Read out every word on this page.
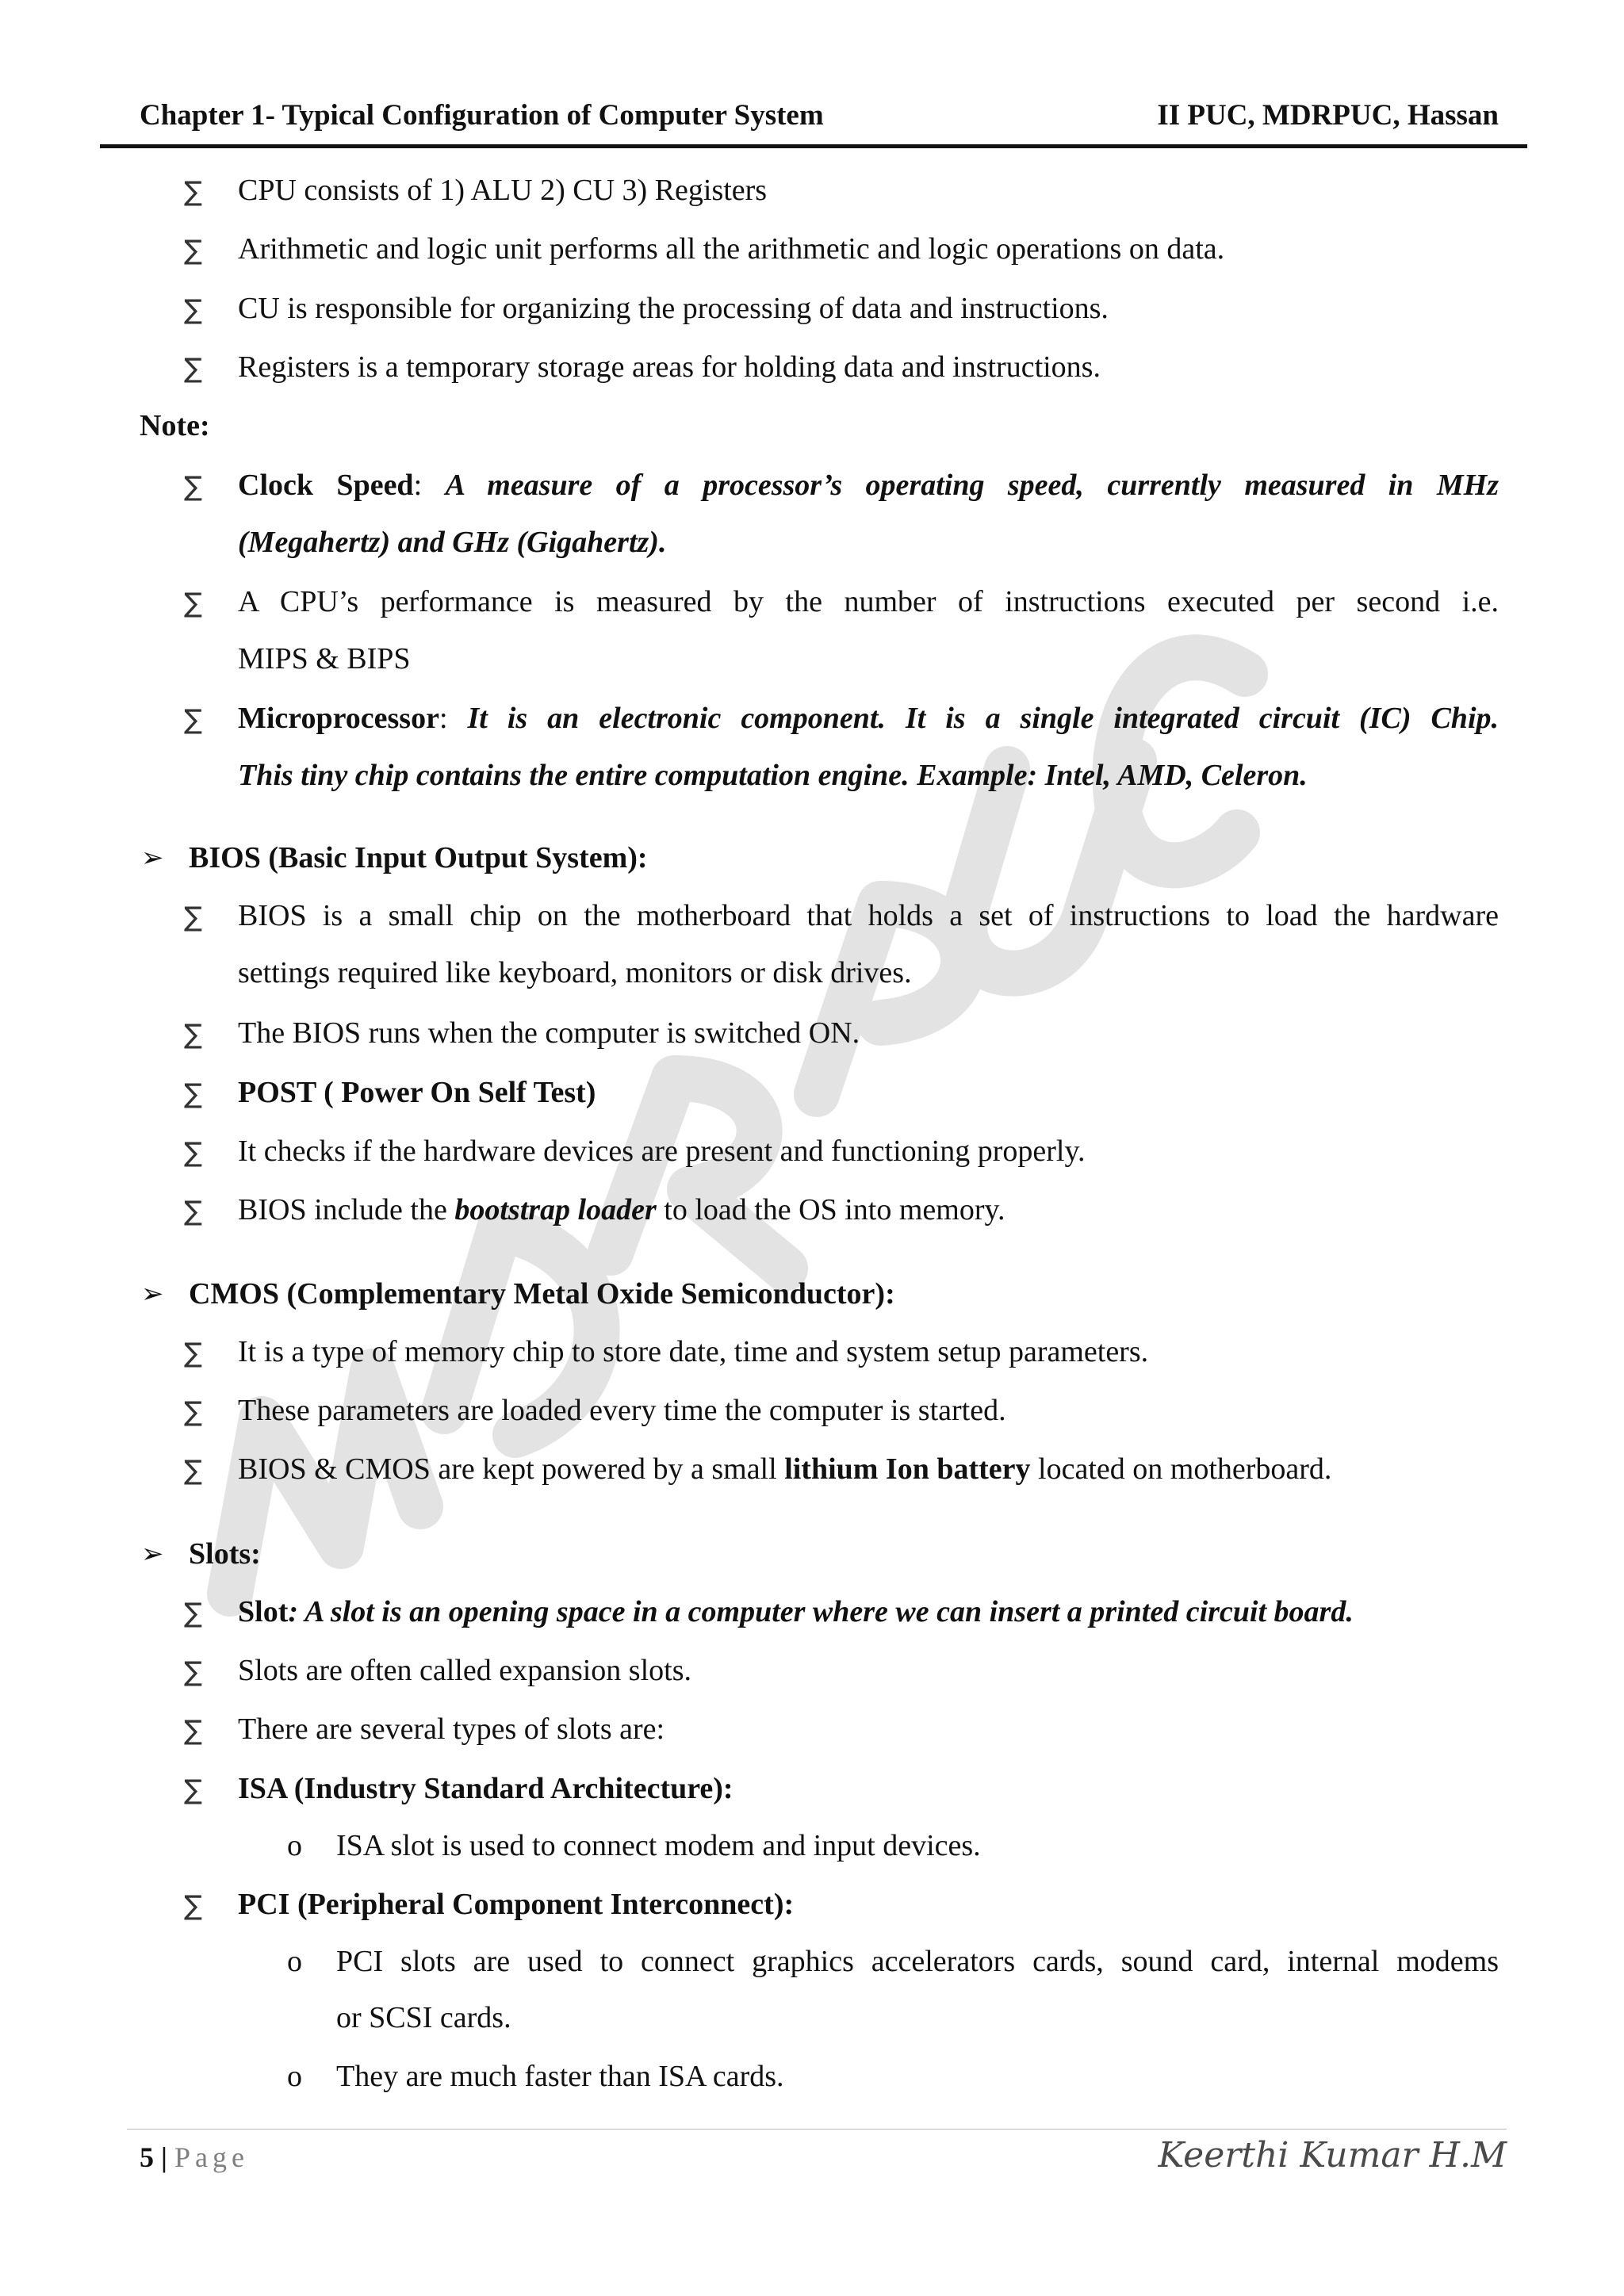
Chapter 1- Typical Configuration of Computer System	II PUC, MDRPUC, Hassan
∑ CPU consists of 1) ALU 2) CU 3) Registers
∑ Arithmetic and logic unit performs all the arithmetic and logic operations on data.
∑ CU is responsible for organizing the processing of data and instructions.
∑ Registers is a temporary storage areas for holding data and instructions.
Note:
∑ Clock Speed: A measure of a processor’s operating speed, currently measured in MHz
(Megahertz) and GHz (Gigahertz).
∑ A CPU’s performance is measured by the number of instructions executed per second i.e.
MIPS & BIPS
∑ Microprocessor: It is an electronic component. It is a single integrated circuit (IC) Chip.
This tiny chip contains the entire computation engine. Example: Intel, AMD, Celeron.
➢ BIOS (Basic Input Output System):
∑ BIOS is a small chip on the motherboard that holds a set of instructions to load the hardware
settings required like keyboard, monitors or disk drives.
∑ The BIOS runs when the computer is switched ON.
∑ POST ( Power On Self Test)
∑ It checks if the hardware devices are present and functioning properly.
∑ BIOS include the bootstrap loader to load the OS into memory.
➢ CMOS (Complementary Metal Oxide Semiconductor):
∑ It is a type of memory chip to store date, time and system setup parameters.
∑ These parameters are loaded every time the computer is started.
∑ BIOS & CMOS are kept powered by a small lithium Ion battery located on motherboard.
➢ Slots:
∑ Slot: A slot is an opening space in a computer where we can insert a printed circuit board.
∑ Slots are often called expansion slots.
∑ There are several types of slots are:
∑ ISA (Industry Standard Architecture):
o ISA slot is used to connect modem and input devices.
∑ PCI (Peripheral Component Interconnect):
o PCI slots are used to connect graphics accelerators cards, sound card, internal modems
or SCSI cards.
o They are much faster than ISA cards.
5 | Page	Keerthi Kumar H.M
